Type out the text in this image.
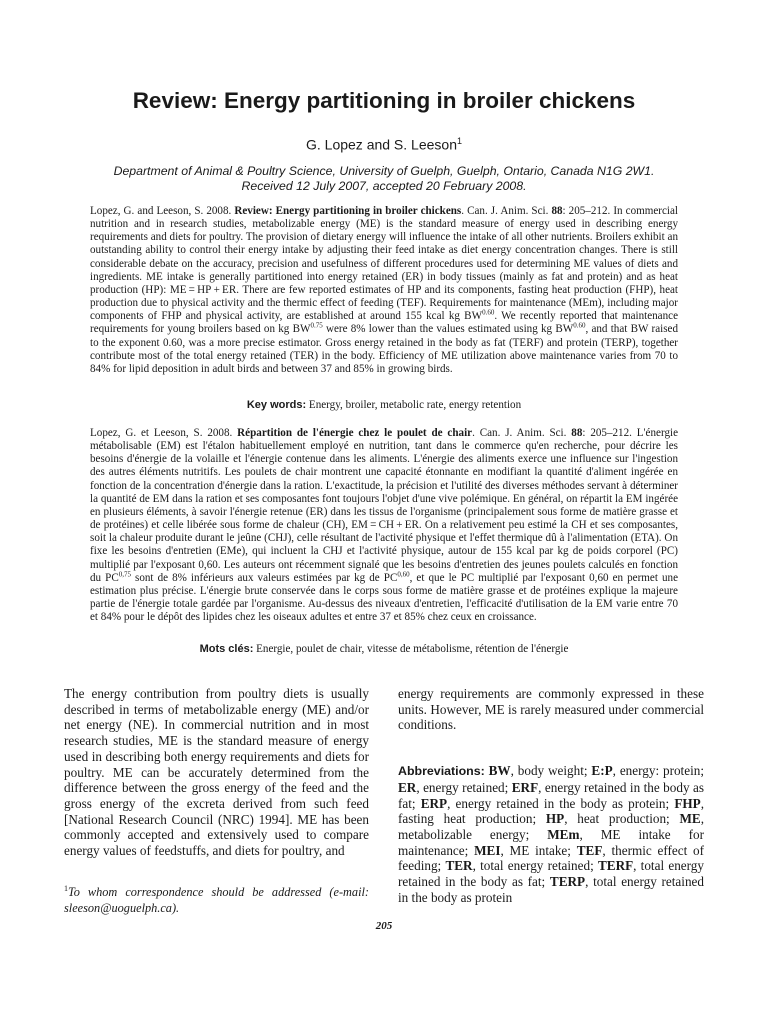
Review: Energy partitioning in broiler chickens
G. Lopez and S. Leeson$^1$
Department of Animal & Poultry Science, University of Guelph, Guelph, Ontario, Canada N1G 2W1.
Received 12 July 2007, accepted 20 February 2008.

Lopez, G. and Leeson, S. 2008. Review: Energy partitioning in broiler chickens. Can. J. Anim. Sci. 88: 205–212. In commercial nutrition and in research studies, metabolizable energy (ME) is the standard measure of energy used in describing energy requirements and diets for poultry. The provision of dietary energy will influence the intake of all other nutrients. Broilers exhibit an outstanding ability to control their energy intake by adjusting their feed intake as diet energy concentration changes. There is still considerable debate on the accuracy, precision and usefulness of different procedures used for determining ME values of diets and ingredients. ME intake is generally partitioned into energy retained (ER) in body tissues (mainly as fat and protein) and as heat production (HP): ME = HP + ER. There are few reported estimates of HP and its components, fasting heat production (FHP), heat production due to physical activity and the thermic effect of feeding (TEF). Requirements for maintenance (MEm), including major components of FHP and physical activity, are established at around 155 kcal kg $BW^{0.60}$. We recently reported that maintenance requirements for young broilers based on kg $BW^{0.75}$ were 8% lower than the values estimated using kg $BW^{0.60}$, and that BW raised to the exponent 0.60, was a more precise estimator. Gross energy retained in the body as fat (TERF) and protein (TERP), together contribute most of the total energy retained (TER) in the body. Efficiency of ME utilization above maintenance varies from 70 to 84% for lipid deposition in adult birds and between 37 and 85% in growing birds.

Key words: Energy, broiler, metabolic rate, energy retention

Lopez, G. et Leeson, S. 2008. Répartition de l'énergie chez le poulet de chair. Can. J. Anim. Sci. 88: 205–212. L'énergie métabolisable (EM) est l'étalon habituellement employé en nutrition, tant dans le commerce qu'en recherche, pour décrire les besoins d'énergie de la volaille et l'énergie contenue dans les aliments. L'énergie des aliments exerce une influence sur l'ingestion des autres éléments nutritifs. Les poulets de chair montrent une capacité étonnante en modifiant la quantité d'aliment ingérée en fonction de la concentration d'énergie dans la ration. L'exactitude, la précision et l'utilité des diverses méthodes servant à déterminer la quantité de EM dans la ration et ses composantes font toujours l'objet d'une vive polémique. En général, on répartit la EM ingérée en plusieurs éléments, à savoir l'énergie retenue (ER) dans les tissus de l'organisme (principalement sous forme de matière grasse et de protéines) et celle libérée sous forme de chaleur (CH), EM = CH + ER. On a relativement peu estimé la CH et ses composantes, soit la chaleur produite durant le jeûne (CHJ), celle résultant de l'activité physique et l'effet thermique dû à l'alimentation (ETA). On fixe les besoins d'entretien (EMe), qui incluent la CHJ et l'activité physique, autour de 155 kcal par kg de poids corporel (PC) multiplié par l'exposant 0,60. Les auteurs ont récemment signalé que les besoins d'entretien des jeunes poulets calculés en fonction du PC$^{0,75}$ sont de 8% inférieurs aux valeurs estimées par kg de PC$^{0,60}$, et que le PC multiplié par l'exposant 0,60 en permet une estimation plus précise. L'énergie brute conservée dans le corps sous forme de matière grasse et de protéines explique la majeure partie de l'énergie totale gardée par l'organisme. Au-dessus des niveaux d'entretien, l'efficacité d'utilisation de la EM varie entre 70 et 84% pour le dépôt des lipides chez les oiseaux adultes et entre 37 et 85% chez ceux en croissance.

Mots clés: Energie, poulet de chair, vitesse de métabolisme, rétention de l'énergie

The energy contribution from poultry diets is usually described in terms of metabolizable energy (ME) and/or net energy (NE). In commercial nutrition and in most research studies, ME is the standard measure of energy used in describing both energy requirements and diets for poultry. ME can be accurately determined from the difference between the gross energy of the feed and the gross energy of the excreta derived from such feed [National Research Council (NRC) 1994]. ME has been commonly accepted and extensively used to compare energy values of feedstuffs, and diets for poultry, and

energy requirements are commonly expressed in these units. However, ME is rarely measured under commercial conditions.

Abbreviations: BW, body weight; E:P, energy: protein; ER, energy retained; ERF, energy retained in the body as fat; ERP, energy retained in the body as protein; FHP, fasting heat production; HP, heat production; ME, metabolizable energy; MEm, ME intake for maintenance; MEI, ME intake; TEF, thermic effect of feeding; TER, total energy retained; TERF, total energy retained in the body as fat; TERP, total energy retained in the body as protein

$^1$To whom correspondence should be addressed (e-mail: sleeson@uoguelph.ca).

205
